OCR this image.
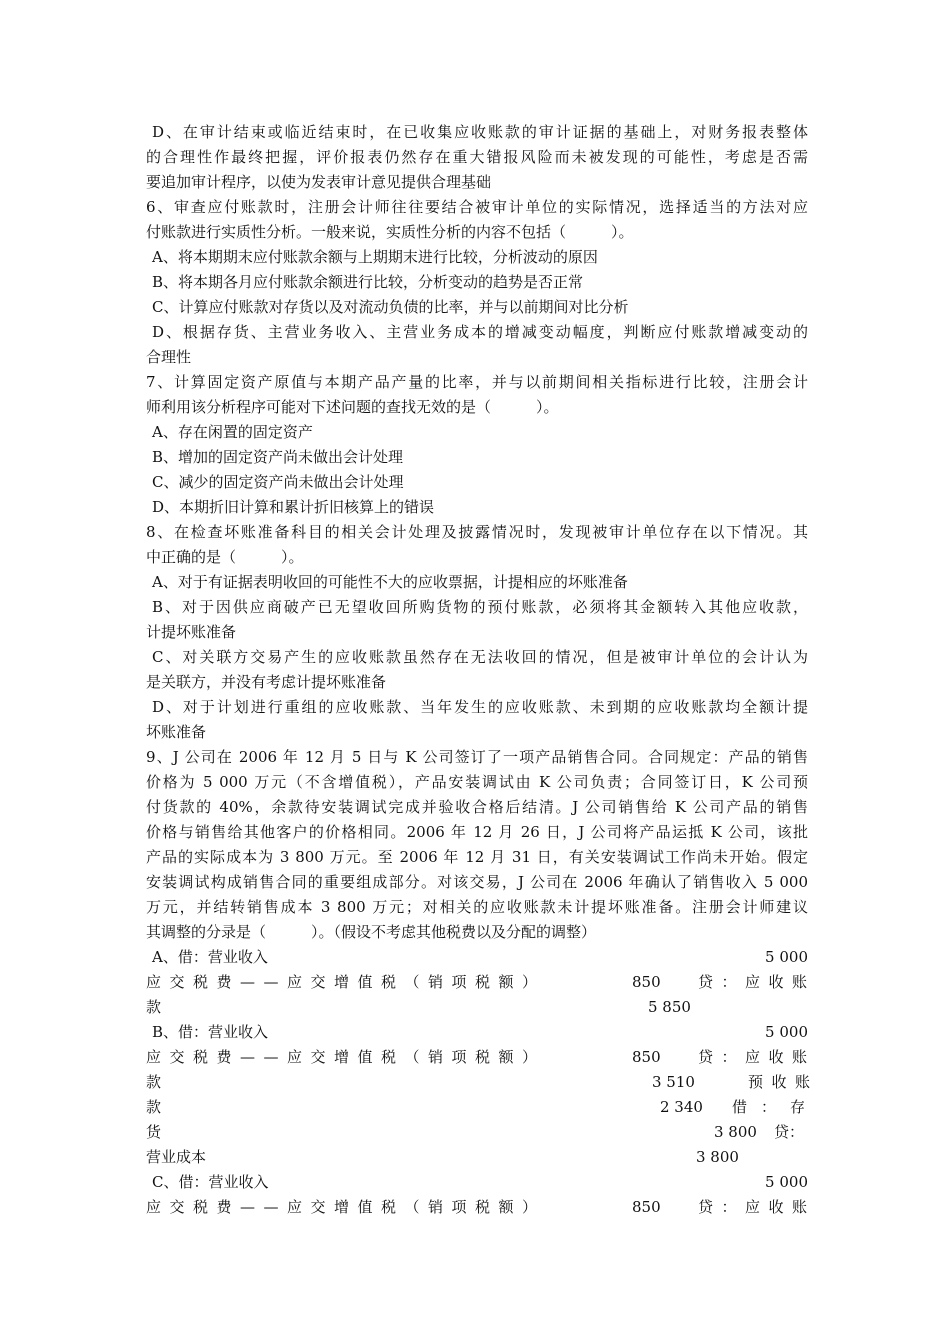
D、在审计结束或临近结束时，在已收集应收账款的审计证据的基础上，对财务报表整体
的合理性作最终把握，评价报表仍然存在重大错报风险而未被发现的可能性，考虑是否需
要追加审计程序，以使为发表审计意见提供合理基础
6、审查应付账款时，注册会计师往往要结合被审计单位的实际情况，选择适当的方法对应
付账款进行实质性分析。一般来说，实质性分析的内容不包括（　　　）。
A、将本期期末应付账款余额与上期期末进行比较，分析波动的原因
B、将本期各月应付账款余额进行比较，分析变动的趋势是否正常
C、计算应付账款对存货以及对流动负债的比率，并与以前期间对比分析
D、根据存货、主营业务收入、主营业务成本的增减变动幅度，判断应付账款增减变动的
合理性
7、计算固定资产原值与本期产品产量的比率，并与以前期间相关指标进行比较，注册会计
师利用该分析程序可能对下述问题的查找无效的是（　　　）。
A、存在闲置的固定资产
B、增加的固定资产尚未做出会计处理
C、减少的固定资产尚未做出会计处理
D、本期折旧计算和累计折旧核算上的错误
8、在检查坏账准备科目的相关会计处理及披露情况时，发现被审计单位存在以下情况。其
中正确的是（　　　）。
A、对于有证据表明收回的可能性不大的应收票据，计提相应的坏账准备
B、对于因供应商破产已无望收回所购货物的预付账款，必须将其金额转入其他应收款，
计提坏账准备
C、对关联方交易产生的应收账款虽然存在无法收回的情况，但是被审计单位的会计认为
是关联方，并没有考虑计提坏账准备
D、对于计划进行重组的应收账款、当年发生的应收账款、未到期的应收账款均全额计提
坏账准备
9、J 公司在 2006 年 12 月 5 日与 K 公司签订了一项产品销售合同。合同规定：产品的销售
价格为 5 000 万元（不含增值税），产品安装调试由 K 公司负责；合同签订日，K 公司预
付货款的 40%，余款待安装调试完成并验收合格后结清。J 公司销售给 K 公司产品的销售
价格与销售给其他客户的价格相同。2006 年 12 月 26 日，J 公司将产品运抵 K 公司，该批
产品的实际成本为 3 800 万元。至 2006 年 12 月 31 日，有关安装调试工作尚未开始。假定
安装调试构成销售合同的重要组成部分。对该交易，J 公司在 2006 年确认了销售收入 5 000
万元，并结转销售成本 3 800 万元；对相关的应收账款未计提坏账准备。注册会计师建议
其调整的分录是（　　　）。（假设不考虑其他税费以及分配的调整）
A、借：营业收入	5 000
应交税费——应交增值税（销项税额）	850 贷：应收账
款	5 850
B、借：营业收入	5 000
应交税费——应交增值税（销项税额）	850 贷：应收账
款	3 510	预收账
款	2 340 借：存
货	3 800 贷：
营业成本	3 800
C、借：营业收入	5 000
应交税费——应交增值税（销项税额）	850 贷：应收账
